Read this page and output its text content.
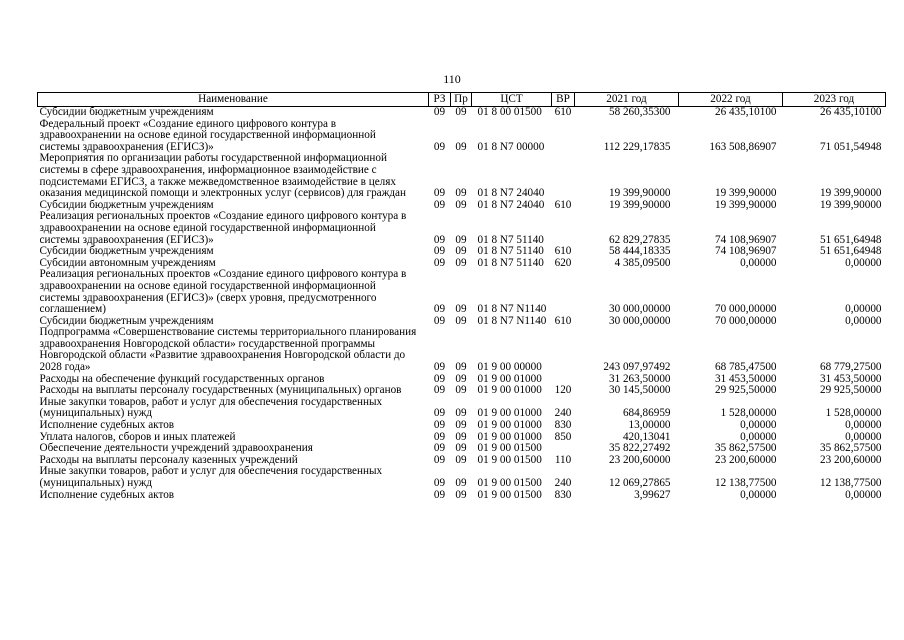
110
Наименование	РЗ	Пр	ЦСТ	ВР	2021 год	2022 год	2023 год
Субсидии бюджетным учреждениям	09	09	01 8 00 01500	610	58 260,35300	26 435,10100	26 435,10100
Федеральный проект «Создание единого цифрового контура в здравоохранении на основе единой государственной информационной системы здравоохранения (ЕГИСЗ)»	09	09	01 8 N7 00000		112 229,17835	163 508,86907	71 051,54948
Мероприятия по организации работы государственной информационной системы в сфере здравоохранения, информационное взаимодействие с подсистемами ЕГИСЗ, а также межведомственное взаимодействие в целях оказания медицинской помощи и электронных услуг (сервисов) для граждан	09	09	01 8 N7 24040		19 399,90000	19 399,90000	19 399,90000
Субсидии бюджетным учреждениям	09	09	01 8 N7 24040	610	19 399,90000	19 399,90000	19 399,90000
Реализация региональных проектов «Создание единого цифрового контура в здравоохранении на основе единой государственной информационной системы здравоохранения (ЕГИСЗ)»	09	09	01 8 N7 51140		62 829,27835	74 108,96907	51 651,64948
Субсидии бюджетным учреждениям	09	09	01 8 N7 51140	610	58 444,18335	74 108,96907	51 651,64948
Субсидии автономным учреждениям	09	09	01 8 N7 51140	620	4 385,09500	0,00000	0,00000
Реализация региональных проектов «Создание единого цифрового контура в здравоохранении на основе единой государственной информационной системы здравоохранения (ЕГИСЗ)» (сверх уровня, предусмотренного соглашением)	09	09	01 8 N7 N1140		30 000,00000	70 000,00000	0,00000
Субсидии бюджетным учреждениям	09	09	01 8 N7 N1140	610	30 000,00000	70 000,00000	0,00000
Подпрограмма «Совершенствование системы территориального планирования здравоохранения Новгородской области» государственной программы Новгородской области «Развитие здравоохранения Новгородской области до 2028 года»	09	09	01 9 00 00000		243 097,97492	68 785,47500	68 779,27500
Расходы на обеспечение функций государственных органов	09	09	01 9 00 01000		31 263,50000	31 453,50000	31 453,50000
Расходы на выплаты персоналу государственных (муниципальных) органов	09	09	01 9 00 01000	120	30 145,50000	29 925,50000	29 925,50000
Иные закупки товаров, работ и услуг для обеспечения государственных (муниципальных) нужд	09	09	01 9 00 01000	240	684,86959	1 528,00000	1 528,00000
Исполнение судебных актов	09	09	01 9 00 01000	830	13,00000	0,00000	0,00000
Уплата налогов, сборов и иных платежей	09	09	01 9 00 01000	850	420,13041	0,00000	0,00000
Обеспечение деятельности учреждений здравоохранения	09	09	01 9 00 01500		35 822,27492	35 862,57500	35 862,57500
Расходы на выплаты персоналу казенных учреждений	09	09	01 9 00 01500	110	23 200,60000	23 200,60000	23 200,60000
Иные закупки товаров, работ и услуг для обеспечения государственных (муниципальных) нужд	09	09	01 9 00 01500	240	12 069,27865	12 138,77500	12 138,77500
Исполнение судебных актов	09	09	01 9 00 01500	830	3,99627	0,00000	0,00000
